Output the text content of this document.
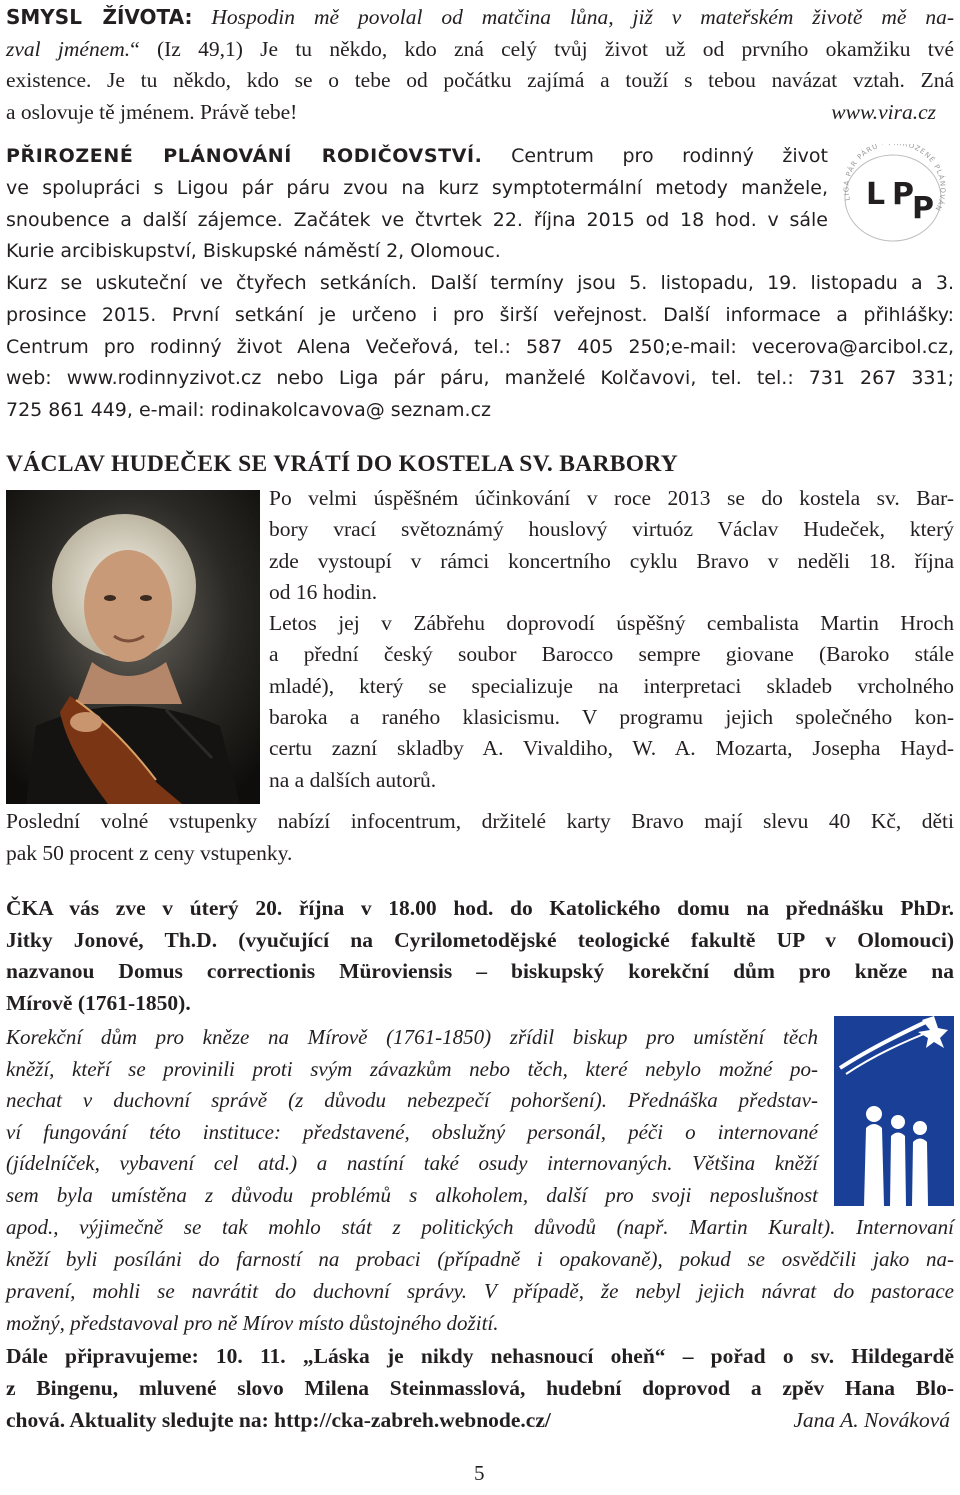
SMYSL ŽÍVOTA: Hospodin mě povolal od matčina lůna, již v mateřském životě mě na-
zval jménem.“ (Iz 49,1) Je tu někdo, kdo zná celý tvůj život už od prvního okamžiku tvé
existence. Je tu někdo, kdo se o tebe od počátku zajímá a touží s tebou navázat vztah. Zná
a oslovuje tě jménem. Právě tebe!	www.vira.cz
PŘIROZENÉ PLÁNOVÁNÍ RODIČOVSTVÍ. Centrum pro rodinný život
ve spolupráci s Ligou pár páru zvou na kurz symptotermální metody manžele,
snoubence a další zájemce. Začátek ve čtvrtek 22. října 2015 od 18 hod. v sále
Kurie arcibiskupství, Biskupské náměstí 2, Olomouc.
Kurz se uskuteční ve čtyřech setkáních. Další termíny jsou 5. listopadu, 19. listopadu a 3.
prosince 2015. První setkání je určeno i pro širší veřejnost. Další informace a přihlášky:
Centrum pro rodinný život Alena Večeřová, tel.: 587 405 250;e-mail: vecerova@arcibol.cz,
web: www.rodinnyzivot.cz nebo Liga pár páru, manželé Kolčavovi, tel. tel.: 731 267 331;
725 861 449, e-mail: rodinakolcavova@ seznam.cz
LIGA PÁR PÁRU · ROZENÉ PLÁNOVÁN
L P
P
VÁCLAV HUDEČEK SE VRÁTÍ DO KOSTELA SV. BARBORY
Po velmi úspěšném účinkování v roce 2013 se do kostela sv. Bar-
bory vrací světoznámý houslový virtuóz Václav Hudeček, který
zde vystoupí v rámci koncertního cyklu Bravo v neděli 18. října
od 16 hodin.
Letos jej v Zábřehu doprovodí úspěšný cembalista Martin Hroch
a přední český soubor Barocco sempre giovane (Baroko stále
mladé), který se specializuje na interpretaci skladeb vrcholného
baroka a raného klasicismu. V programu jejich společného kon-
certu zazní skladby A. Vivaldiho, W. A. Mozarta, Josepha Hayd-
na a dalších autorů.
Poslední volné vstupenky nabízí infocentrum, držitelé karty Bravo mají slevu 40 Kč, děti
pak 50 procent z ceny vstupenky.
ČKA vás zve v úterý 20. října v 18.00 hod. do Katolického domu na přednášku PhDr.
Jitky Jonové, Th.D. (vyučující na Cyrilometodějské teologické fakultě UP v Olomouci)
nazvanou Domus correctionis Müroviensis – biskupský korekční dům pro kněze na
Mírově (1761-1850).
Korekční dům pro kněze na Mírově (1761-1850) zřídil biskup pro umístění těch
kněží, kteří se provinili proti svým závazkům nebo těch, které nebylo možné po-
nechat v duchovní správě (z důvodu nebezpečí pohoršení). Přednáška představ-
ví fungování této instituce: představené, obslužný personál, péči o internované
(jídelníček, vybavení cel atd.) a nastíní také osudy internovaných. Většina kněží
sem byla umístěna z důvodu problémů s alkoholem, další pro svoji neposlušnost
apod., výjimečně se tak mohlo stát z politických důvodů (např. Martin Kuralt). Internovaní
kněží byli posíláni do farností na probaci (případně i opakovaně), pokud se osvědčili jako na-
pravení, mohli se navrátit do duchovní správy. V případě, že nebyl jejich návrat do pastorace
možný, představoval pro ně Mírov místo důstojného dožití.
Dále připravujeme: 10. 11. „Láska je nikdy nehasnoucí oheň“ – pořad o sv. Hildegardě
z Bingenu, mluvené slovo Milena Steinmasslová, hudební doprovod a zpěv Hana Blo-
chová. Aktuality sledujte na: http://cka-zabreh.webnode.cz/	Jana A. Nováková
5
